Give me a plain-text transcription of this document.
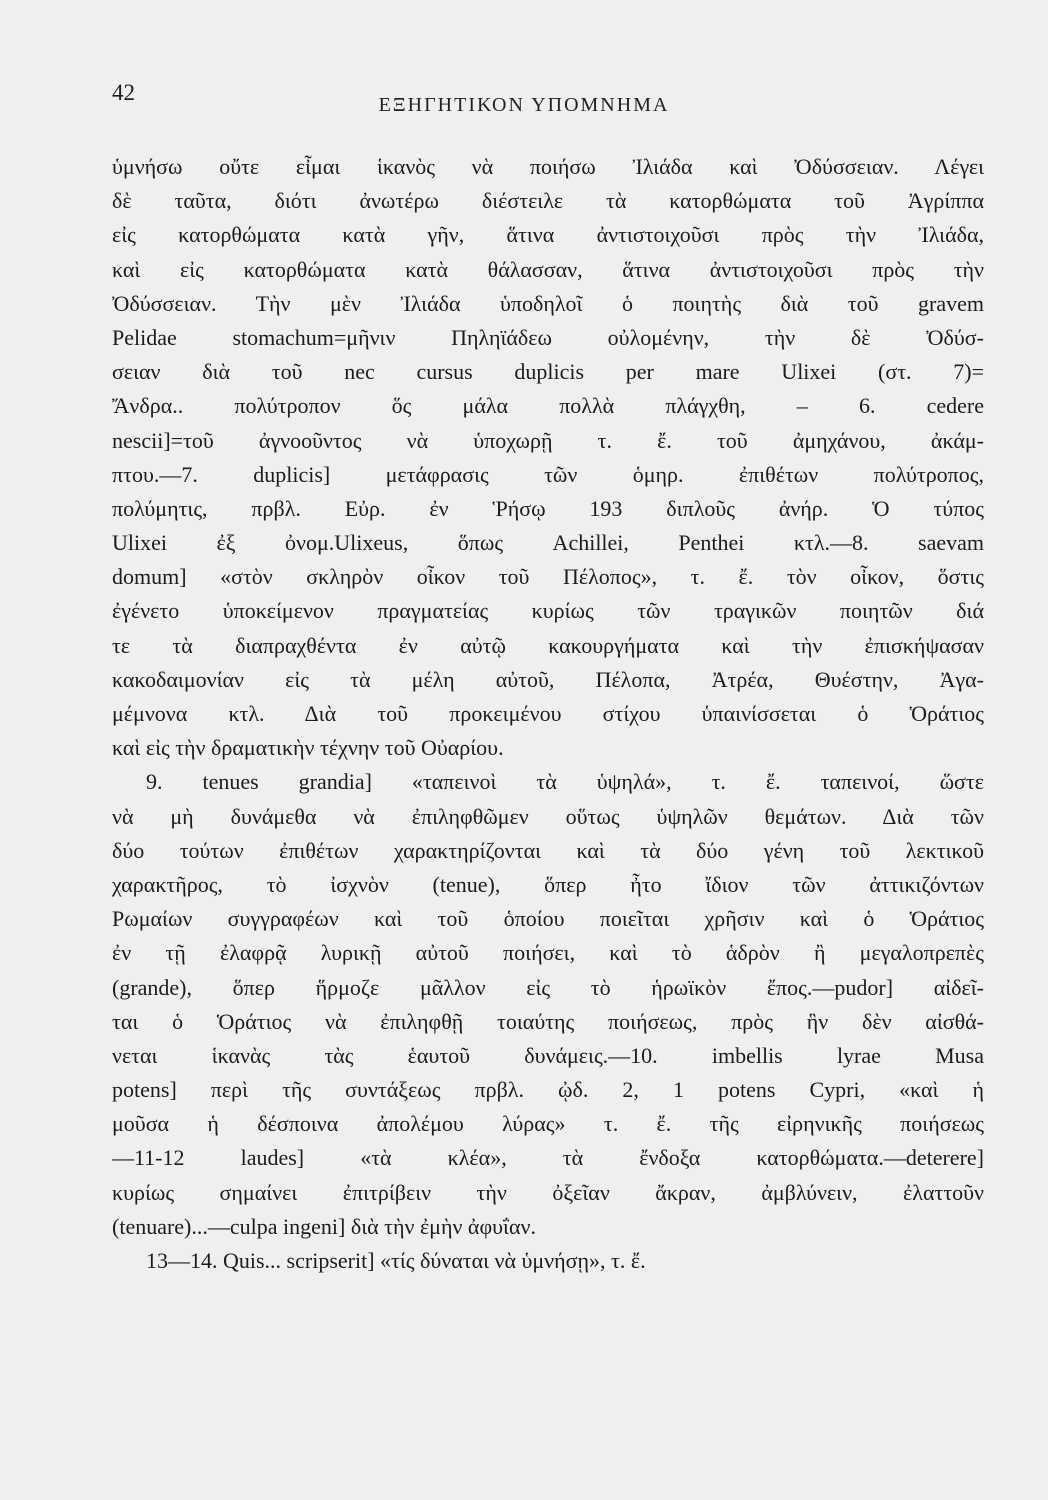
42	ΕΞΗΓΗΤΙΚΟΝ ΥΠΟΜΝΗΜΑ
ὑμνήσω οὔτε εἶμαι ἱκανὸς νὰ ποιήσω Ἰλιάδα καὶ Ὀδύσσειαν. Λέγει
δὲ ταῦτα, διότι ἀνωτέρω διέστειλε τὰ κατορθώματα τοῦ Ἀγρίππα
εἰς κατορθώματα κατὰ γῆν, ἅτινα ἀντιστοιχοῦσι πρὸς τὴν Ἰλιάδα,
καὶ εἰς κατορθώματα κατὰ θάλασσαν, ἅτινα ἀντιστοιχοῦσι πρὸς τὴν
Ὀδύσσειαν. Τὴν μὲν Ἰλιάδα ὑποδηλοῖ ὁ ποιητὴς διὰ τοῦ gravem
Pelidae stomachum=μῆνιν Πηληϊάδεω οὐλομένην, τὴν δὲ Ὀδύσ-
σειαν διὰ τοῦ nec cursus duplicis per mare Ulixei (στ. 7)=
Ἄνδρα.. πολύτροπον ὅς μάλα πολλὰ πλάγχθη, – 6. cedere
nescii]=τοῦ ἀγνοοῦντος νὰ ὑποχωρῇ τ. ἔ. τοῦ ἀμηχάνου, ἀκάμ-
πτου.—7. duplicis] μετάφρασις τῶν ὁμηρ. ἐπιθέτων πολύτροπος,
πολύμητις, πρβλ. Εὐρ. ἐν Ῥήσῳ 193 διπλοῦς ἀνήρ. Ὁ τύπος
Ulixei ἐξ ὀνομ.Ulixeus, ὅπως Achillei, Penthei κτλ.—8. saevam
domum] «στὸν σκληρὸν οἶκον τοῦ Πέλοπος», τ. ἔ. τὸν οἶκον, ὅστις
ἐγένετο ὑποκείμενον πραγματείας κυρίως τῶν τραγικῶν ποιητῶν διά
τε τὰ διαπραχθέντα ἐν αὐτῷ κακουργήματα καὶ τὴν ἐπισκήψασαν
κακοδαιμονίαν εἰς τὰ μέλη αὐτοῦ, Πέλοπα, Ἀτρέα, Θυέστην, Ἀγα-
μέμνονα κτλ. Διὰ τοῦ προκειμένου στίχου ὑπαινίσσεται ὁ Ὁράτιος
καὶ εἰς τὴν δραματικὴν τέχνην τοῦ Οὐαρίου.
9. tenues grandia] «ταπεινοὶ τὰ ὑψηλά», τ. ἔ. ταπεινοί, ὥστε
νὰ μὴ δυνάμεθα νὰ ἐπιληφθῶμεν οὕτως ὑψηλῶν θεμάτων. Διὰ τῶν
δύο τούτων ἐπιθέτων χαρακτηρίζονται καὶ τὰ δύο γένη τοῦ λεκτικοῦ
χαρακτῆρος, τὸ ἰσχνὸν (tenue), ὅπερ ἦτο ἴδιον τῶν ἀττικιζόντων
Ρωμαίων συγγραφέων καὶ τοῦ ὁποίου ποιεῖται χρῆσιν καὶ ὁ Ὁράτιος
ἐν τῇ ἐλαφρᾷ λυρικῇ αὐτοῦ ποιήσει, καὶ τὸ ἁδρὸν ἢ μεγαλοπρεπὲς
(grande), ὅπερ ἥρμοζε μᾶλλον εἰς τὸ ἡρωϊκὸν ἔπος.—pudor] αἰδεῖ-
ται ὁ Ὁράτιος νὰ ἐπιληφθῇ τοιαύτης ποιήσεως, πρὸς ἣν δὲν αἰσθά-
νεται ἱκανὰς τὰς ἑαυτοῦ δυνάμεις.—10. imbellis lyrae Musa
potens] περὶ τῆς συντάξεως πρβλ. ᾠδ. 2, 1 potens Cypri, «καὶ ἡ
μοῦσα ἡ δέσποινα ἀπολέμου λύρας» τ. ἔ. τῆς εἰρηνικῆς ποιήσεως
—11-12 laudes] «τὰ κλέα», τὰ ἔνδοξα κατορθώματα.—deterere]
κυρίως σημαίνει ἐπιτρίβειν τὴν ὀξεῖαν ἄκραν, ἀμβλύνειν, ἐλαττοῦν
(tenuare)...—culpa ingeni] διὰ τὴν ἐμὴν ἀφυΐαν.
13—14. Quis... scripserit] «τίς δύναται νὰ ὑμνήσῃ», τ. ἔ.
